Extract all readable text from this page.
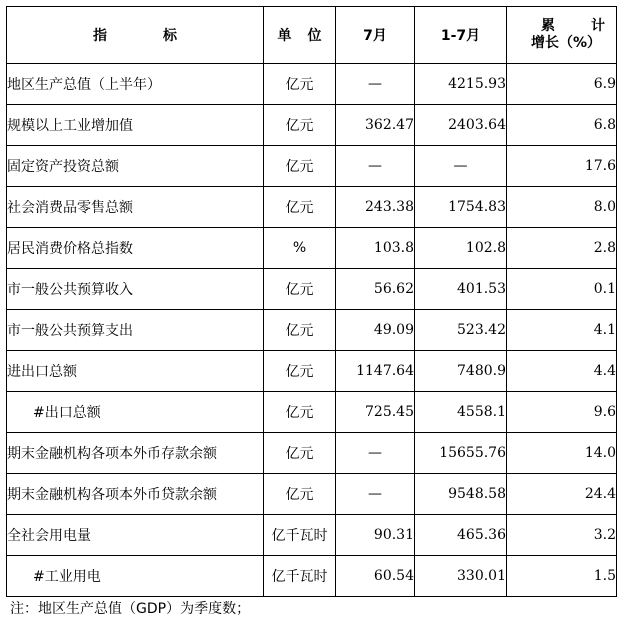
指 标	单 位	7月	1-7月	累 计
增长（%）

地区生产总值（上半年）	亿元	—	4215.93	6.9
规模以上工业增加值	亿元	362.47	2403.64	6.8
固定资产投资总额	亿元	—	—	17.6
社会消费品零售总额	亿元	243.38	1754.83	8.0
居民消费价格总指数	%	103.8	102.8	2.8
市一般公共预算收入	亿元	56.62	401.53	0.1
市一般公共预算支出	亿元	49.09	523.42	4.1
进出口总额	亿元	1147.64	7480.9	4.4
#出口总额	亿元	725.45	4558.1	9.6
期末金融机构各项本外币存款余额	亿元	—	15655.76	14.0
期末金融机构各项本外币贷款余额	亿元	—	9548.58	24.4
全社会用电量	亿千瓦时	90.31	465.36	3.2
#工业用电	亿千瓦时	60.54	330.01	1.5
注：地区生产总值（GDP）为季度数；
